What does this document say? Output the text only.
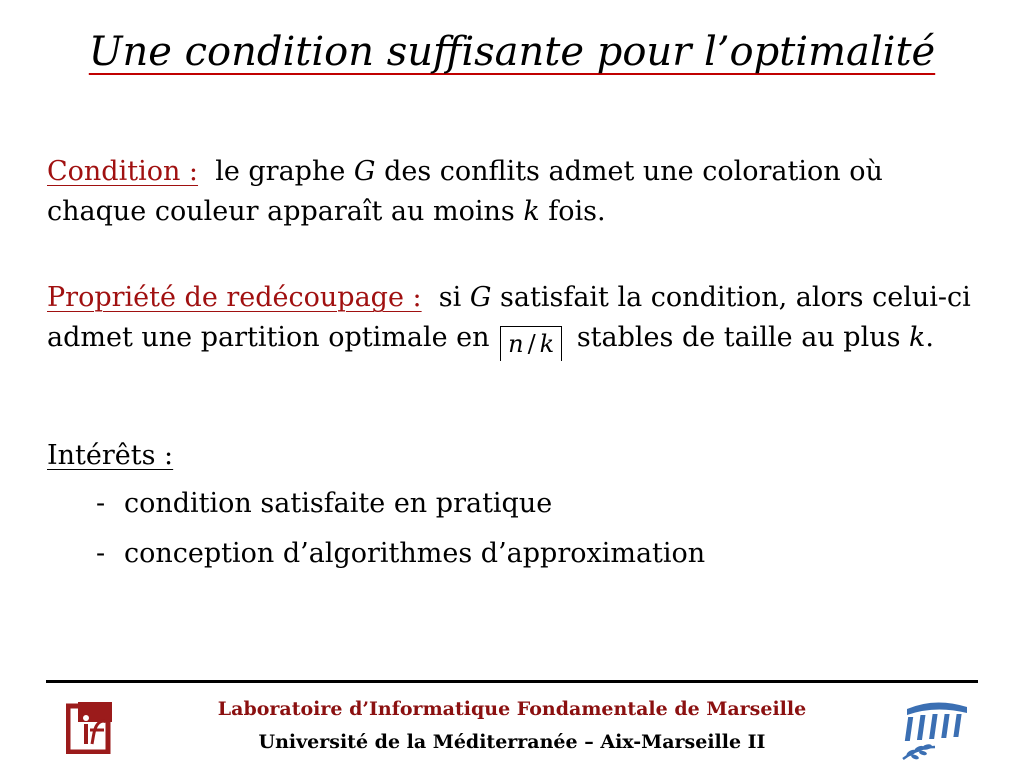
Une condition suffisante pour l’optimalité
Condition : le graphe G des conflits admet une coloration où chaque couleur apparaît au moins k fois.
Propriété de redécoupage : si G satisfait la condition, alors celui-ci admet une partition optimale en n / k stables de taille au plus k.
Intérêts :
- condition satisfaite en pratique
- conception d’algorithmes d’approximation
Laboratoire d’Informatique Fondamentale de Marseille
Université de la Méditerranée – Aix-Marseille II
